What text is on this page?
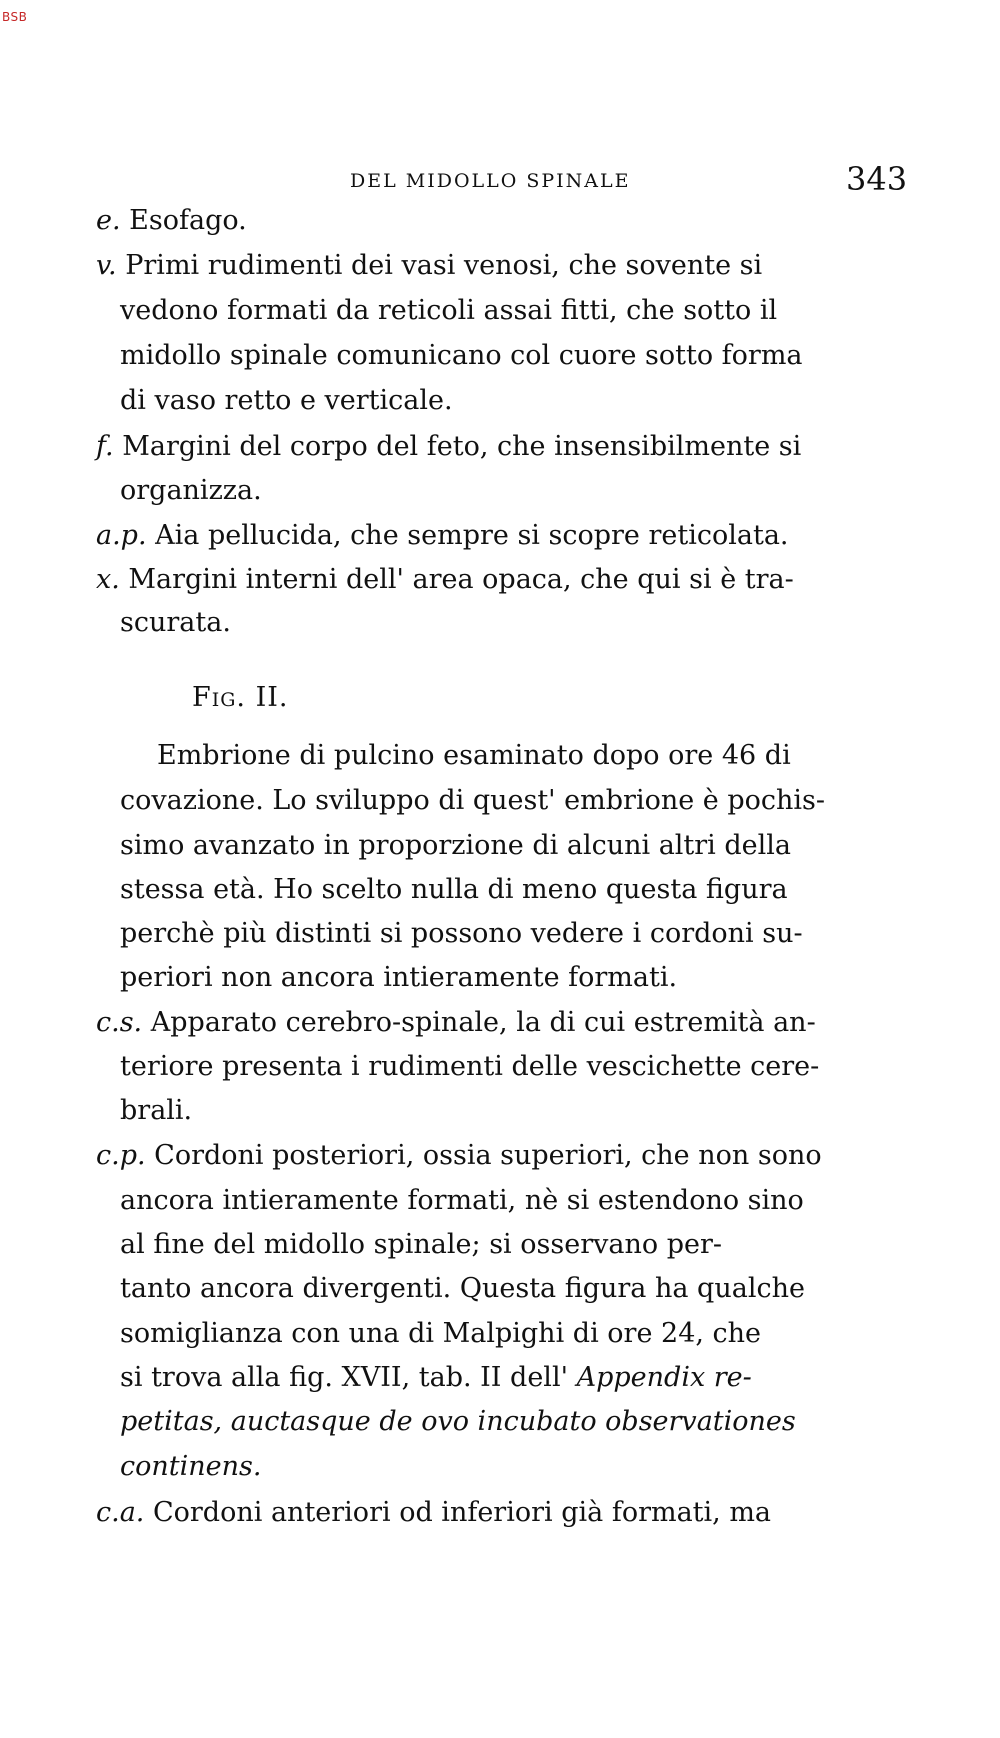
BSB
DEL MIDOLLO SPINALE	343
e. Esofago.
v. Primi rudimenti dei vasi venosi, che sovente si
vedono formati da reticoli assai fitti, che sotto il
midollo spinale comunicano col cuore sotto forma
di vaso retto e verticale.
f. Margini del corpo del feto, che insensibilmente si
organizza.
a.p. Aia pellucida, che sempre si scopre reticolata.
x. Margini interni dell' area opaca, che qui si è tra-
scurata.
Fig. II.
Embrione di pulcino esaminato dopo ore 46 di
covazione. Lo sviluppo di quest' embrione è pochis-
simo avanzato in proporzione di alcuni altri della
stessa età. Ho scelto nulla di meno questa figura
perchè più distinti si possono vedere i cordoni su-
periori non ancora intieramente formati.
c.s. Apparato cerebro-spinale, la di cui estremità an-
teriore presenta i rudimenti delle vescichette cere-
brali.
c.p. Cordoni posteriori, ossia superiori, che non sono
ancora intieramente formati, nè si estendono sino
al fine del midollo spinale; si osservano per-
tanto ancora divergenti. Questa figura ha qualche
somiglianza con una di Malpighi di ore 24, che
si trova alla fig. XVII, tab. II dell' Appendix re-
petitas, auctasque de ovo incubato observationes
continens.
c.a. Cordoni anteriori od inferiori già formati, ma
